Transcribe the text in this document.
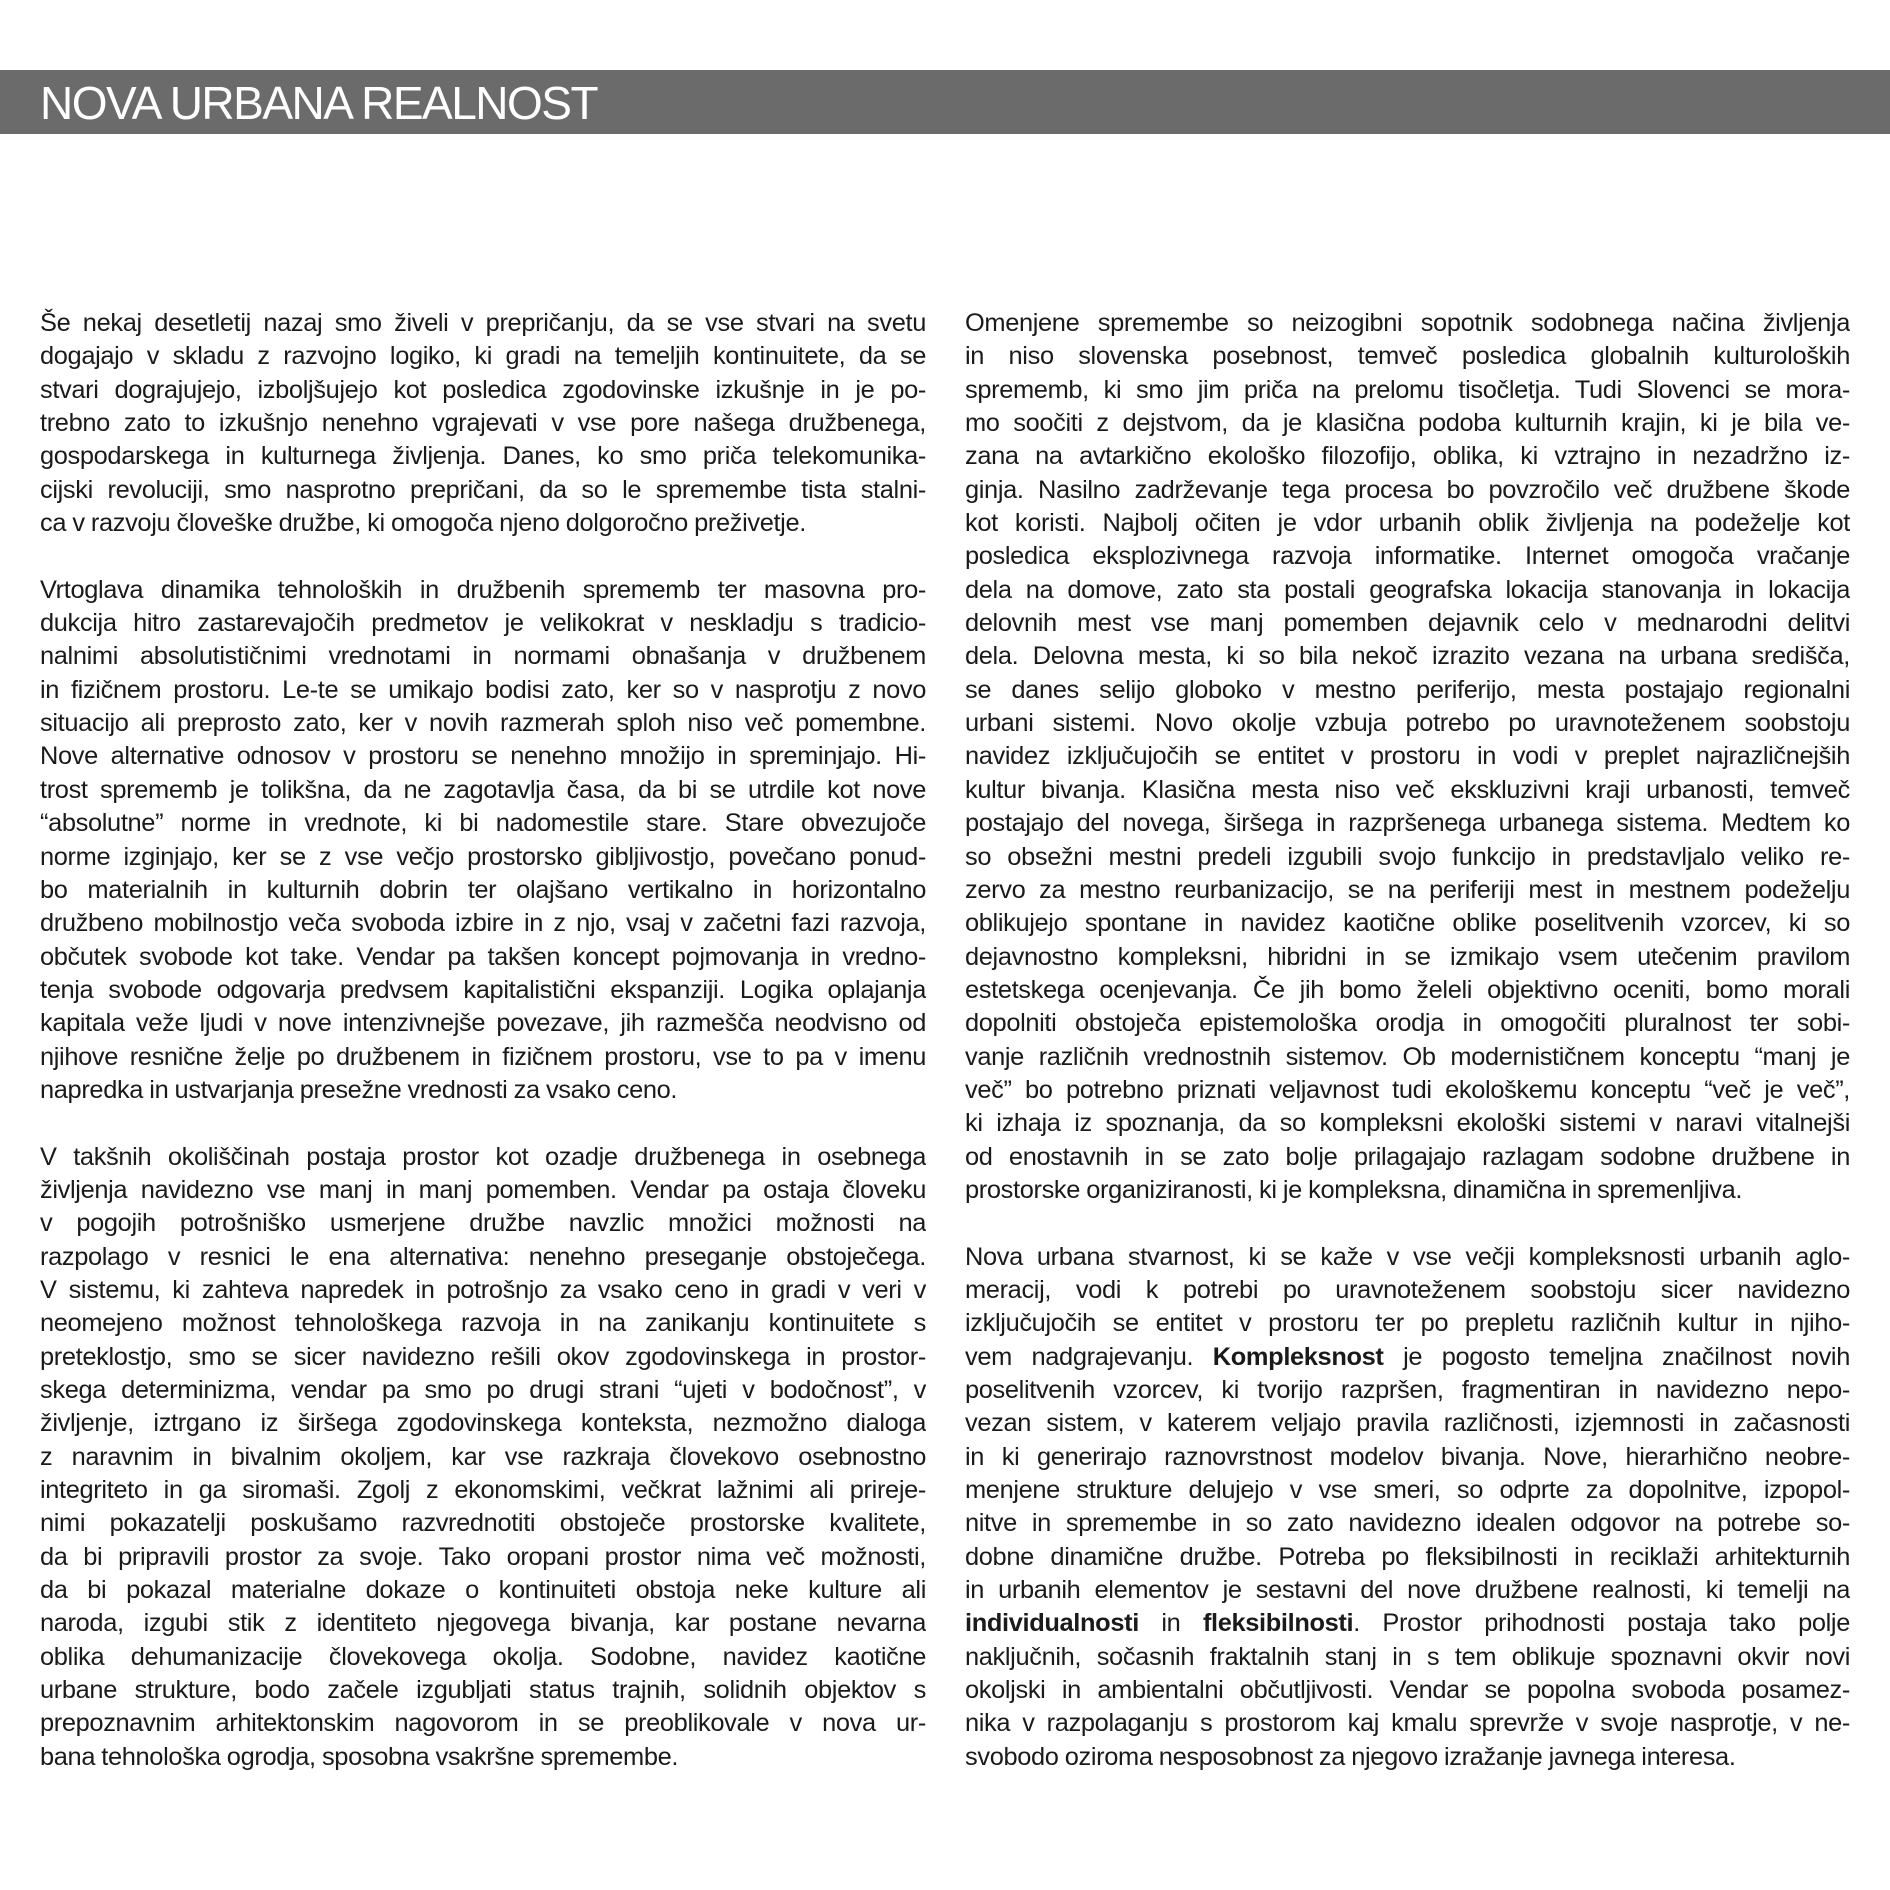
NOVA URBANA REALNOST
Še nekaj desetletij nazaj smo živeli v prepričanju, da se vse stvari na svetu
dogajajo v skladu z razvojno logiko, ki gradi na temeljih kontinuitete, da se
stvari dograjujejo, izboljšujejo kot posledica zgodovinske izkušnje in je po-
trebno zato to izkušnjo nenehno vgrajevati v vse pore našega družbenega,
gospodarskega in kulturnega življenja. Danes, ko smo priča telekomunika-
cijski revoluciji, smo nasprotno prepričani, da so le spremembe tista stalni-
ca v razvoju človeške družbe, ki omogoča njeno dolgoročno preživetje.
Vrtoglava dinamika tehnoloških in družbenih sprememb ter masovna pro-
dukcija hitro zastarevajočih predmetov je velikokrat v neskladju s tradicio-
nalnimi absolutističnimi vrednotami in normami obnašanja v družbenem
in fizičnem prostoru. Le-te se umikajo bodisi zato, ker so v nasprotju z novo
situacijo ali preprosto zato, ker v novih razmerah sploh niso več pomembne.
Nove alternative odnosov v prostoru se nenehno množijo in spreminjajo. Hi-
trost sprememb je tolikšna, da ne zagotavlja časa, da bi se utrdile kot nove
“absolutne” norme in vrednote, ki bi nadomestile stare. Stare obvezujoče
norme izginjajo, ker se z vse večjo prostorsko gibljivostjo, povečano ponud-
bo materialnih in kulturnih dobrin ter olajšano vertikalno in horizontalno
družbeno mobilnostjo veča svoboda izbire in z njo, vsaj v začetni fazi razvoja,
občutek svobode kot take. Vendar pa takšen koncept pojmovanja in vredno-
tenja svobode odgovarja predvsem kapitalistični ekspanziji. Logika oplajanja
kapitala veže ljudi v nove intenzivnejše povezave, jih razmešča neodvisno od
njihove resnične želje po družbenem in fizičnem prostoru, vse to pa v imenu
napredka in ustvarjanja presežne vrednosti za vsako ceno.
V takšnih okoliščinah postaja prostor kot ozadje družbenega in osebnega
življenja navidezno vse manj in manj pomemben. Vendar pa ostaja človeku
v pogojih potrošniško usmerjene družbe navzlic množici možnosti na
razpolago v resnici le ena alternativa: nenehno preseganje obstoječega.
V sistemu, ki zahteva napredek in potrošnjo za vsako ceno in gradi v veri v
neomejeno možnost tehnološkega razvoja in na zanikanju kontinuitete s
preteklostjo, smo se sicer navidezno rešili okov zgodovinskega in prostor-
skega determinizma, vendar pa smo po drugi strani “ujeti v bodočnost”, v
življenje, iztrgano iz širšega zgodovinskega konteksta, nezmožno dialoga
z naravnim in bivalnim okoljem, kar vse razkraja človekovo osebnostno
integriteto in ga siromaši. Zgolj z ekonomskimi, večkrat lažnimi ali prireje-
nimi pokazatelji poskušamo razvrednotiti obstoječe prostorske kvalitete,
da bi pripravili prostor za svoje. Tako oropani prostor nima več možnosti,
da bi pokazal materialne dokaze o kontinuiteti obstoja neke kulture ali
naroda, izgubi stik z identiteto njegovega bivanja, kar postane nevarna
oblika dehumanizacije človekovega okolja. Sodobne, navidez kaotične
urbane strukture, bodo začele izgubljati status trajnih, solidnih objektov s
prepoznavnim arhitektonskim nagovorom in se preoblikovale v nova ur-
bana tehnološka ogrodja, sposobna vsakršne spremembe.
Omenjene spremembe so neizogibni sopotnik sodobnega načina življenja
in niso slovenska posebnost, temveč posledica globalnih kulturoloških
sprememb, ki smo jim priča na prelomu tisočletja. Tudi Slovenci se mora-
mo soočiti z dejstvom, da je klasična podoba kulturnih krajin, ki je bila ve-
zana na avtarkično ekološko filozofijo, oblika, ki vztrajno in nezadržno iz-
ginja. Nasilno zadrževanje tega procesa bo povzročilo več družbene škode
kot koristi. Najbolj očiten je vdor urbanih oblik življenja na podeželje kot
posledica eksplozivnega razvoja informatike. Internet omogoča vračanje
dela na domove, zato sta postali geografska lokacija stanovanja in lokacija
delovnih mest vse manj pomemben dejavnik celo v mednarodni delitvi
dela. Delovna mesta, ki so bila nekoč izrazito vezana na urbana središča,
se danes selijo globoko v mestno periferijo, mesta postajajo regionalni
urbani sistemi. Novo okolje vzbuja potrebo po uravnoteženem soobstoju
navidez izključujočih se entitet v prostoru in vodi v preplet najrazličnejših
kultur bivanja. Klasična mesta niso več ekskluzivni kraji urbanosti, temveč
postajajo del novega, širšega in razpršenega urbanega sistema. Medtem ko
so obsežni mestni predeli izgubili svojo funkcijo in predstavljalo veliko re-
zervo za mestno reurbanizacijo, se na periferiji mest in mestnem podeželju
oblikujejo spontane in navidez kaotične oblike poselitvenih vzorcev, ki so
dejavnostno kompleksni, hibridni in se izmikajo vsem utečenim pravilom
estetskega ocenjevanja. Če jih bomo želeli objektivno oceniti, bomo morali
dopolniti obstoječa epistemološka orodja in omogočiti pluralnost ter sobi-
vanje različnih vrednostnih sistemov. Ob modernističnem konceptu “manj je
več” bo potrebno priznati veljavnost tudi ekološkemu konceptu “več je več”,
ki izhaja iz spoznanja, da so kompleksni ekološki sistemi v naravi vitalnejši
od enostavnih in se zato bolje prilagajajo razlagam sodobne družbene in
prostorske organiziranosti, ki je kompleksna, dinamična in spremenljiva.
Nova urbana stvarnost, ki se kaže v vse večji kompleksnosti urbanih aglo-
meracij, vodi k potrebi po uravnoteženem soobstoju sicer navidezno
izključujočih se entitet v prostoru ter po prepletu različnih kultur in njiho-
vem nadgrajevanju. Kompleksnost je pogosto temeljna značilnost novih
poselitvenih vzorcev, ki tvorijo razpršen, fragmentiran in navidezno nepo-
vezan sistem, v katerem veljajo pravila različnosti, izjemnosti in začasnosti
in ki generirajo raznovrstnost modelov bivanja. Nove, hierarhično neobre-
menjene strukture delujejo v vse smeri, so odprte za dopolnitve, izpopol-
nitve in spremembe in so zato navidezno idealen odgovor na potrebe so-
dobne dinamične družbe. Potreba po fleksibilnosti in reciklaži arhitekturnih
in urbanih elementov je sestavni del nove družbene realnosti, ki temelji na
individualnosti in fleksibilnosti. Prostor prihodnosti postaja tako polje
naključnih, sočasnih fraktalnih stanj in s tem oblikuje spoznavni okvir novi
okoljski in ambientalni občutljivosti. Vendar se popolna svoboda posamez-
nika v razpolaganju s prostorom kaj kmalu sprevrže v svoje nasprotje, v ne-
svobodo oziroma nesposobnost za njegovo izražanje javnega interesa.
